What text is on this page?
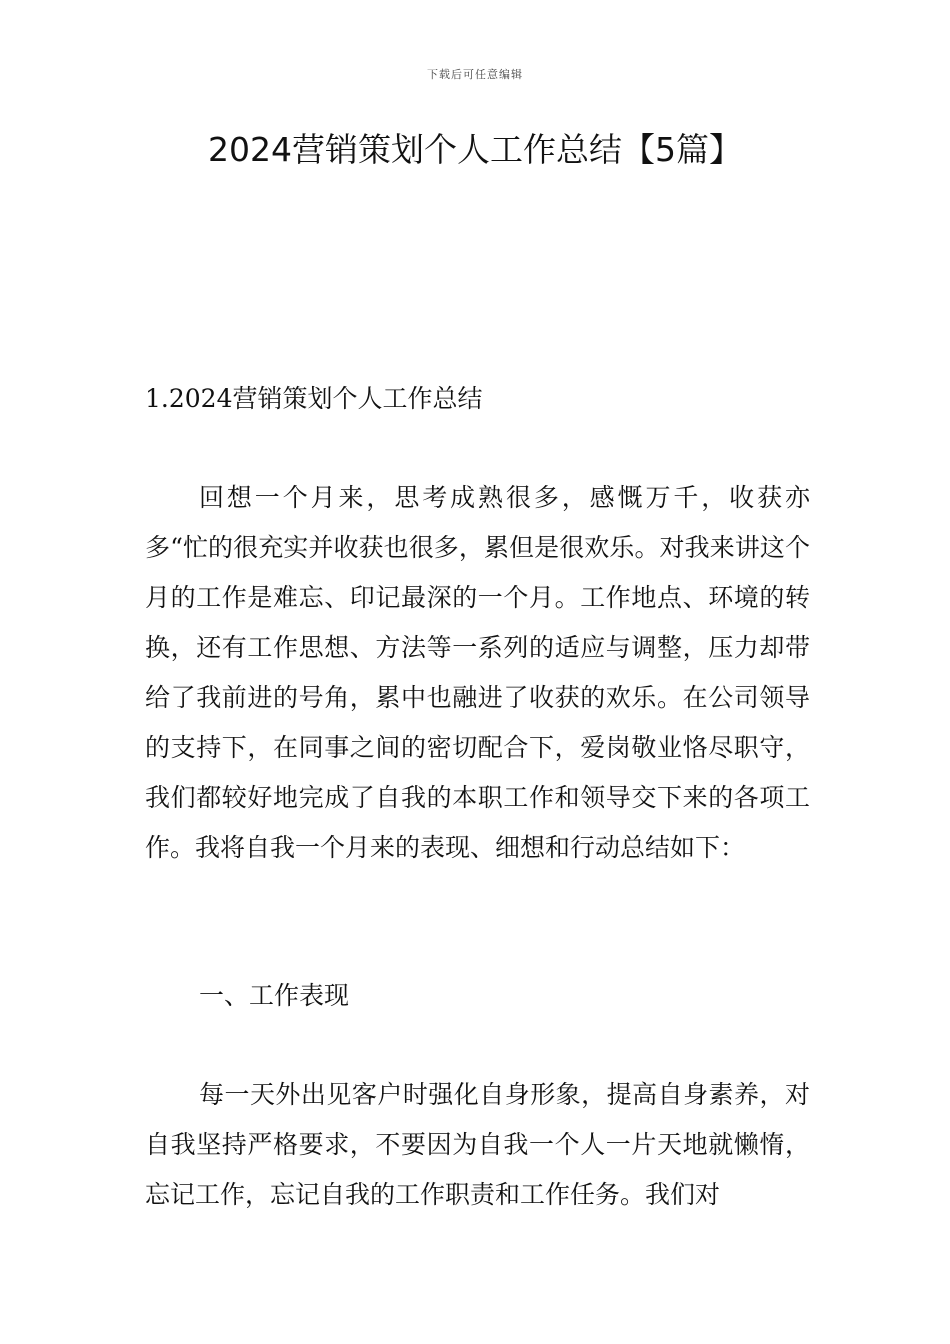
下载后可任意编辑
2024营销策划个人工作总结【5篇】
1.2024营销策划个人工作总结

回想一个月来，思考成熟很多，感慨万千，收获亦多“忙的很充实并收获也很多，累但是很欢乐。对我来讲这个月的工作是难忘、印记最深的一个月。工作地点、环境的转换，还有工作思想、方法等一系列的适应与调整，压力却带给了我前进的号角，累中也融进了收获的欢乐。在公司领导的支持下，在同事之间的密切配合下，爱岗敬业恪尽职守，我们都较好地完成了自我的本职工作和领导交下来的各项工作。我将自我一个月来的表现、细想和行动总结如下：

一、工作表现

每一天外出见客户时强化自身形象，提高自身素养，对自我坚持严格要求，不要因为自我一个人一片天地就懒惰，忘记工作，忘记自我的工作职责和工作任务。我们对
